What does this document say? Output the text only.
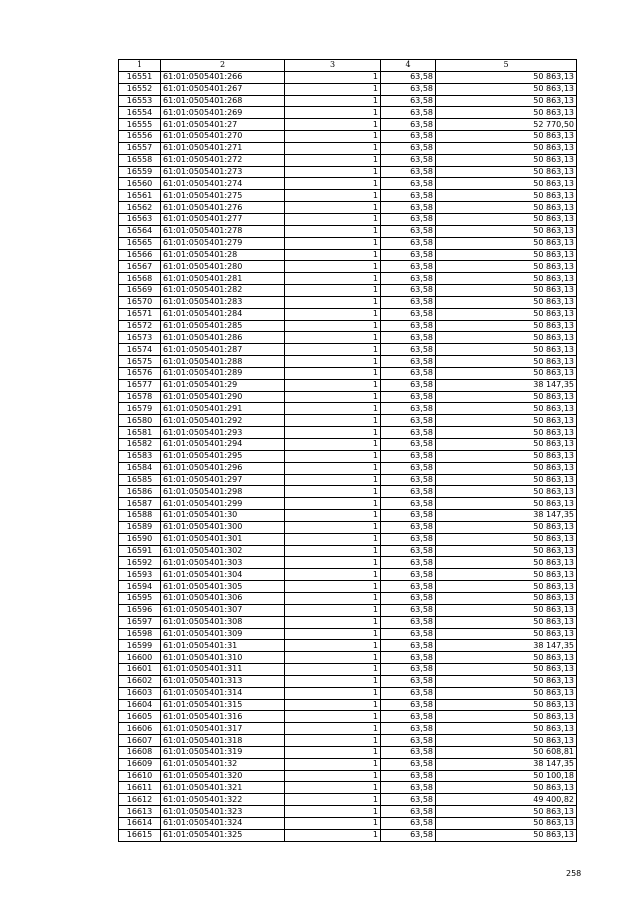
1	2	3	4	5
16551	61:01:0505401:266	1	63,58	50 863,13
16552	61:01:0505401:267	1	63,58	50 863,13
16553	61:01:0505401:268	1	63,58	50 863,13
16554	61:01:0505401:269	1	63,58	50 863,13
16555	61:01:0505401:27	1	63,58	52 770,50
16556	61:01:0505401:270	1	63,58	50 863,13
16557	61:01:0505401:271	1	63,58	50 863,13
16558	61:01:0505401:272	1	63,58	50 863,13
16559	61:01:0505401:273	1	63,58	50 863,13
16560	61:01:0505401:274	1	63,58	50 863,13
16561	61:01:0505401:275	1	63,58	50 863,13
16562	61:01:0505401:276	1	63,58	50 863,13
16563	61:01:0505401:277	1	63,58	50 863,13
16564	61:01:0505401:278	1	63,58	50 863,13
16565	61:01:0505401:279	1	63,58	50 863,13
16566	61:01:0505401:28	1	63,58	50 863,13
16567	61:01:0505401:280	1	63,58	50 863,13
16568	61:01:0505401:281	1	63,58	50 863,13
16569	61:01:0505401:282	1	63,58	50 863,13
16570	61:01:0505401:283	1	63,58	50 863,13
16571	61:01:0505401:284	1	63,58	50 863,13
16572	61:01:0505401:285	1	63,58	50 863,13
16573	61:01:0505401:286	1	63,58	50 863,13
16574	61:01:0505401:287	1	63,58	50 863,13
16575	61:01:0505401:288	1	63,58	50 863,13
16576	61:01:0505401:289	1	63,58	50 863,13
16577	61:01:0505401:29	1	63,58	38 147,35
16578	61:01:0505401:290	1	63,58	50 863,13
16579	61:01:0505401:291	1	63,58	50 863,13
16580	61:01:0505401:292	1	63,58	50 863,13
16581	61:01:0505401:293	1	63,58	50 863,13
16582	61:01:0505401:294	1	63,58	50 863,13
16583	61:01:0505401:295	1	63,58	50 863,13
16584	61:01:0505401:296	1	63,58	50 863,13
16585	61:01:0505401:297	1	63,58	50 863,13
16586	61:01:0505401:298	1	63,58	50 863,13
16587	61:01:0505401:299	1	63,58	50 863,13
16588	61:01:0505401:30	1	63,58	38 147,35
16589	61:01:0505401:300	1	63,58	50 863,13
16590	61:01:0505401:301	1	63,58	50 863,13
16591	61:01:0505401:302	1	63,58	50 863,13
16592	61:01:0505401:303	1	63,58	50 863,13
16593	61:01:0505401:304	1	63,58	50 863,13
16594	61:01:0505401:305	1	63,58	50 863,13
16595	61:01:0505401:306	1	63,58	50 863,13
16596	61:01:0505401:307	1	63,58	50 863,13
16597	61:01:0505401:308	1	63,58	50 863,13
16598	61:01:0505401:309	1	63,58	50 863,13
16599	61:01:0505401:31	1	63,58	38 147,35
16600	61:01:0505401:310	1	63,58	50 863,13
16601	61:01:0505401:311	1	63,58	50 863,13
16602	61:01:0505401:313	1	63,58	50 863,13
16603	61:01:0505401:314	1	63,58	50 863,13
16604	61:01:0505401:315	1	63,58	50 863,13
16605	61:01:0505401:316	1	63,58	50 863,13
16606	61:01:0505401:317	1	63,58	50 863,13
16607	61:01:0505401:318	1	63,58	50 863,13
16608	61:01:0505401:319	1	63,58	50 608,81
16609	61:01:0505401:32	1	63,58	38 147,35
16610	61:01:0505401:320	1	63,58	50 100,18
16611	61:01:0505401:321	1	63,58	50 863,13
16612	61:01:0505401:322	1	63,58	49 400,82
16613	61:01:0505401:323	1	63,58	50 863,13
16614	61:01:0505401:324	1	63,58	50 863,13
16615	61:01:0505401:325	1	63,58	50 863,13
258
